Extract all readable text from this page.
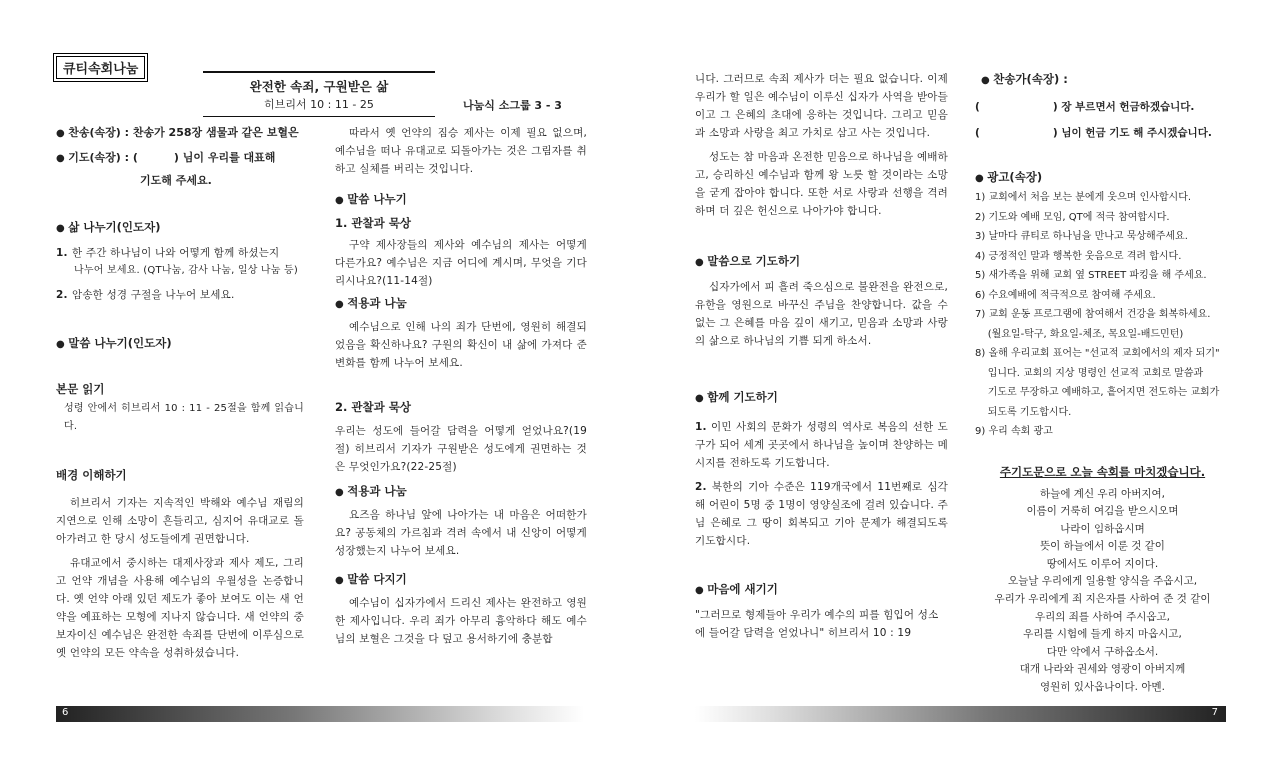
큐티속회나눔
완전한 속죄, 구원받은 삶
히브리서 10 : 11 - 25	나눔식 소그룹 3 - 3

● 찬송(속장) : 찬송가 258장 샘물과 같은 보혈은

● 기도(속장) : (	) 님이 우리를 대표해

기도해 주세요.

● 삶 나누기(인도자)

1. 한 주간 하나님이 나와 어떻게 함께 하셨는지
나누어 보세요. (QT나눔, 감사 나눔, 일상 나눔 등)
2. 암송한 성경 구절을 나누어 보세요.

● 말씀 나누기(인도자)

본문 읽기

성령 안에서 히브리서 10 : 11 - 25절을 함께 읽습니다.

배경 이해하기

히브리서 기자는 지속적인 박해와 예수님 재림의 지연으로 인해 소망이 흔들리고, 심지어 유대교로 돌아가려고 한 당시 성도들에게 권면합니다.

유대교에서 중시하는 대제사장과 제사 제도, 그리고 언약 개념을 사용해 예수님의 우월성을 논증합니다. 옛 언약 아래 있던 제도가 좋아 보여도 이는 새 언약을 예표하는 모형에 지나지 않습니다. 새 언약의 중보자이신 예수님은 완전한 속죄를 단번에 이루심으로 옛 언약의 모든 약속을 성취하셨습니다.

따라서 옛 언약의 짐승 제사는 이제 필요 없으며, 예수님을 떠나 유대교로 되돌아가는 것은 그림자를 취하고 실체를 버리는 것입니다.

● 말씀 나누기

1. 관찰과 묵상

구약 제사장들의 제사와 예수님의 제사는 어떻게 다른가요? 예수님은 지금 어디에 계시며, 무엇을 기다리시나요?(11-14절)

● 적용과 나눔

예수님으로 인해 나의 죄가 단번에, 영원히 해결되었음을 확신하나요? 구원의 확신이 내 삶에 가져다 준 변화를 함께 나누어 보세요.

2. 관찰과 묵상

우리는 성도에 들어갈 담력을 어떻게 얻었나요?(19절) 히브리서 기자가 구원받은 성도에게 권면하는 것은 무엇인가요?(22-25절)

● 적용과 나눔

요즈음 하나님 앞에 나아가는 내 마음은 어떠한가요? 공동체의 가르침과 격려 속에서 내 신앙이 어떻게 성장했는지 나누어 보세요.

● 말씀 다지기

예수님이 십자가에서 드리신 제사는 완전하고 영원한 제사입니다. 우리 죄가 아무리 흉악하다 해도 예수님의 보혈은 그것을 다 덮고 용서하기에 충분합

니다. 그러므로 속죄 제사가 더는 필요 없습니다. 이제 우리가 할 일은 예수님이 이루신 십자가 사역을 받아들이고 그 은혜의 초대에 응하는 것입니다. 그리고 믿음과 소망과 사랑을 최고 가치로 삼고 사는 것입니다.

성도는 참 마음과 온전한 믿음으로 하나님을 예배하고, 승리하신 예수님과 함께 왕 노릇 할 것이라는 소망을 굳게 잡아야 합니다. 또한 서로 사랑과 선행을 격려하며 더 깊은 헌신으로 나아가야 합니다.

● 말씀으로 기도하기

십자가에서 피 흘려 죽으심으로 불완전을 완전으로, 유한을 영원으로 바꾸신 주님을 찬양합니다. 값을 수 없는 그 은혜를 마음 깊이 새기고, 믿음과 소망과 사랑의 삶으로 하나님의 기쁨 되게 하소서.

● 함께 기도하기

1. 이민 사회의 문화가 성령의 역사로 복음의 선한 도구가 되어 세계 곳곳에서 하나님을 높이며 찬양하는 메시지를 전하도록 기도합니다.

2. 북한의 기아 수준은 119개국에서 11번째로 심각해 어린이 5명 중 1명이 영양실조에 걸려 있습니다. 주님 은혜로 그 땅이 회복되고 기아 문제가 해결되도록 기도합시다.

● 마음에 새기기

"그러므로 형제들아 우리가 예수의 피를 힘입어 성소에 들어갈 담력을 얻었나니" 히브리서 10 : 19

● 찬송가(속장) :

(                    ) 장 부르면서 헌금하겠습니다.

(                    ) 님이 헌금 기도 해 주시겠습니다.

● 광고(속장)

1) 교회에서 처음 보는 분에게 웃으며 인사합시다.

2) 기도와 예배 모임, QT에 적극 참여합시다.

3) 날마다 큐티로 하나님을 만나고 묵상해주세요.

4) 긍정적인 말과 행복한 웃음으로 격려 합시다.

5) 새가족을 위해 교회 옆 STREET 파킹을 해 주세요.

6) 수요예배에 적극적으로 참여해 주세요.

7) 교회 운동 프로그램에 참여해서 건강을 회복하세요.

(월요일-탁구, 화요일-체조, 목요일-배드민턴)

8) 올해 우리교회 표어는 "선교적 교회에서의 제자 되기"

입니다. 교회의 지상 명령인 선교적 교회로 말씀과

기도로 무장하고 예배하고, 흩어지면 전도하는 교회가

되도록 기도합시다.

9) 우리 속회 광고

주기도문으로 오늘 속회를 마치겠습니다.

하늘에 계신 우리 아버지여,

이름이 거룩히 여김을 받으시오며

나라이 임하옵시며

뜻이 하늘에서 이룬 것 같이

땅에서도 이루어 지이다.

오늘날 우리에게 일용할 양식을 주옵시고,

우리가 우리에게 죄 지은자를 사하여 준 것 같이

우리의 죄를 사하여 주시옵고,

우리를 시험에 들게 하지 마옵시고,

다만 악에서 구하옵소서.

대개 나라와 권세와 영광이 아버지께

영원히 있사옵나이다. 아멘.

6	7
